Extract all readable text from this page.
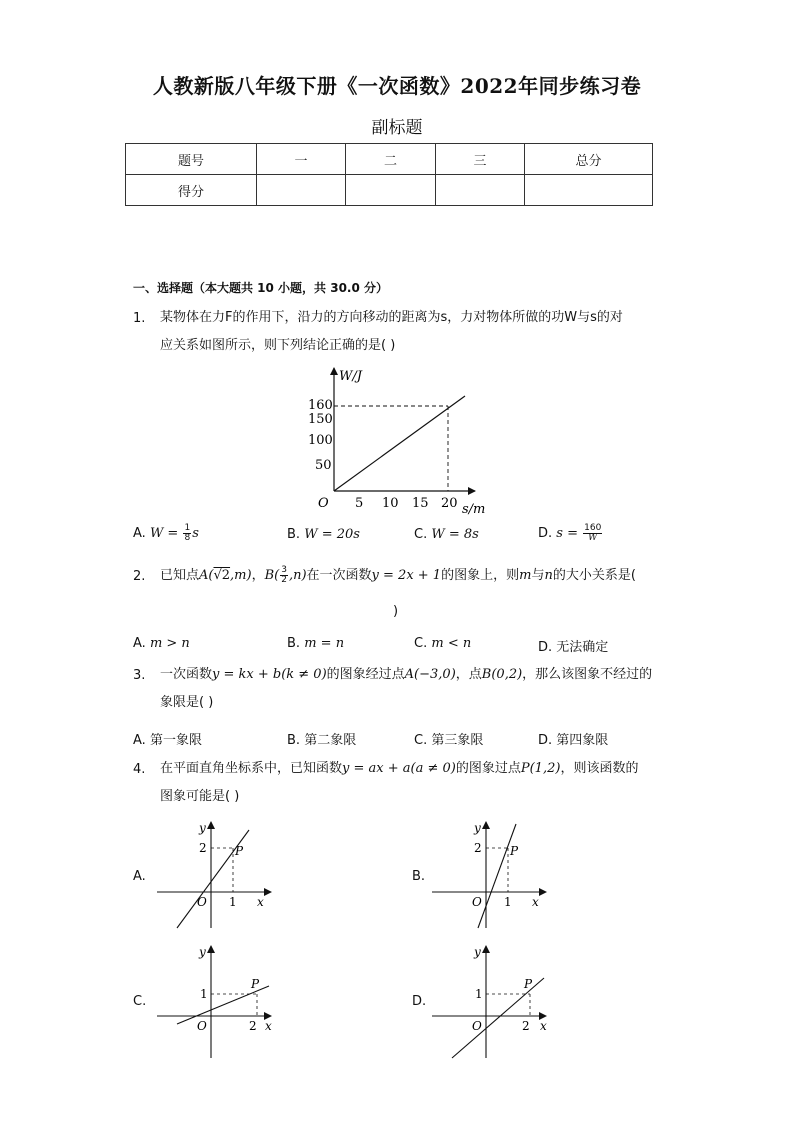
人教新版八年级下册《一次函数》2022年同步练习卷
副标题
题号	一	二	三	总分
得分				
一、选择题（本大题共 10 小题，共 30.0 分）
1. 某物体在力F的作用下，沿力的方向移动的距离为s，力对物体所做的功W与s的对
应关系如图所示，则下列结论正确的是( )
W/J
s/m
O
160
150
100
50
5 10 15 20
A. $W = \frac{1}{8}$ s	B. W = 20s	C. W = 8s	D. $s = \frac{160}{W}$
2. 已知点A(√2,m)，$B( \frac{3}{2} ,n)$在一次函数y = 2x + 1的图象上，则m与n的大小关系是(
)
A. m > n	B. m = n	C. m < n	D. 无法确定
3. 一次函数y = kx + b(k ≠ 0)的图象经过点A(−3,0)，点B(0,2)，那么该图象不经过的
象限是( )
A. 第一象限	B. 第二象限	C. 第三象限	D. 第四象限
4. 在平面直角坐标系中，已知函数y = ax + a(a ≠ 0)的图象过点P(1,2)，则该函数的
图象可能是( )
A.	B.
C.	D.
y
x
O
P
2
1
y
x
O
P
2
1
y
x
O
P
1
2
y
x
O
P
1
2
